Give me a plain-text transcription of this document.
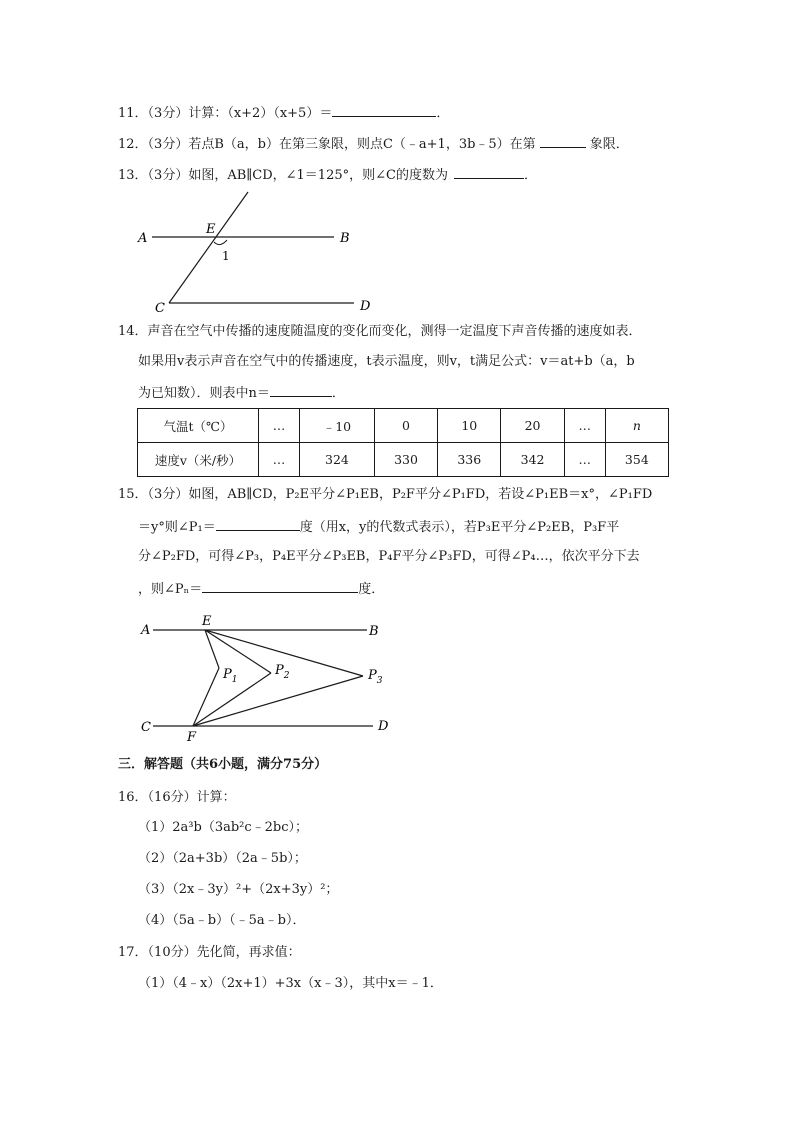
11．（3分）计算：（x+2）（x+5）＝	．
12．（3分）若点B（a，b）在第三象限，则点C（﹣a+1，3b﹣5）在第	象限．
13．（3分）如图，AB∥CD，∠1＝125°，则∠C的度数为	．
A	B
C	D
E
1
14．声音在空气中传播的速度随温度的变化而变化，测得一定温度下声音传播的速度如表．
如果用v表示声音在空气中的传播速度，t表示温度，则v，t满足公式：v＝at+b（a，b
为已知数）．则表中n＝	．
气温t（℃）	…	﹣10	0	10	20	…	n
速度v（米/秒）	…	324	330	336	342	…	354
15．（3分）如图，AB∥CD，P₂E平分∠P₁EB，P₂F平分∠P₁FD，若设∠P₁EB＝x°，∠P₁FD
＝y°则∠P₁＝	度（用x，y的代数式表示），若P₃E平分∠P₂EB，P₃F平
分∠P₂FD，可得∠P₃，P₄E平分∠P₃EB，P₄F平分∠P₃FD，可得∠P₄…，依次平分下去
，则∠Pₙ＝	度．
A	B
C	D
E
F
$P_1$
$P_2$	$P_3$
三．解答题（共6小题，满分75分）
16．（16分）计算：
（1）2a³b（3ab²c﹣2bc）；
（2）（2a+3b）（2a﹣5b）；
（3）（2x﹣3y）²+（2x+3y）²；
（4）（5a﹣b）（﹣5a﹣b）．
17．（10分）先化简，再求值：
（1）（4﹣x）（2x+1）+3x（x﹣3），其中x＝﹣1．
